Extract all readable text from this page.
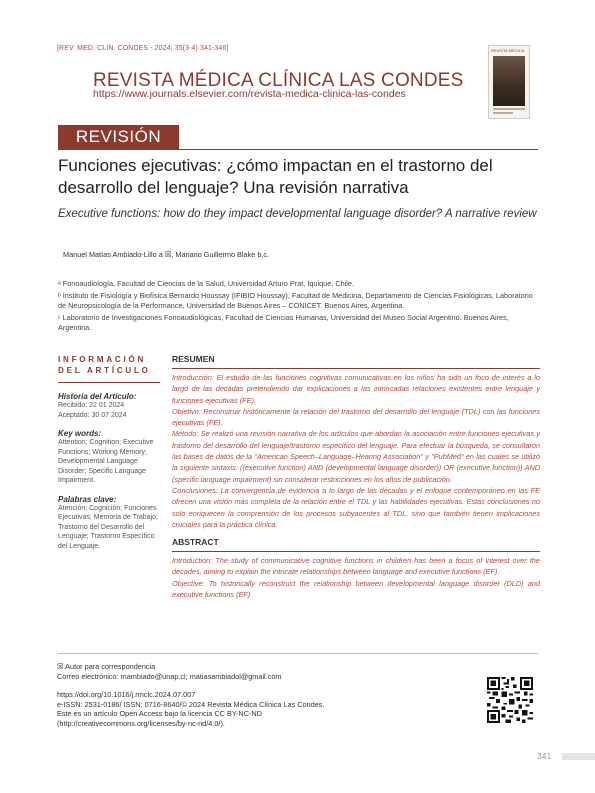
[REV. MED. CLIN. CONDES - 2024; 35(3-4) 341-346]
REVISTA MÉDICA CLÍNICA LAS CONDES
https://www.journals.elsevier.com/revista-medica-clinica-las-condes
REVISTA MÉDICA
REVISIÓN
Funciones ejecutivas: ¿cómo impactan en el trastorno del desarrollo del lenguaje? Una revisión narrativa
Executive functions: how do they impact developmental language disorder? A narrative review
Manuel Matías Ambiado-Lillo a ☒, Mariano Guillermo Blake b,c.
ᵃ Fonoaudiología, Facultad de Ciencias de la Salud, Universidad Arturo Prat, Iquique, Chile.
ᵇ Instituto de Fisiología y Biofísica Bernardo Houssay (IFIBIO Houssay), Facultad de Medicina, Departamento de Ciencias Fisiológicas, Laboratorio de Neuropsicología de la Performance, Universidad de Buenos Aires – CONICET. Buenos Aires, Argentina.
ᶜ Laboratorio de Investigaciones Fonoaudiológicas, Facultad de Ciencias Humanas, Universidad del Museo Social Argentino. Buenos Aires, Argentina.
INFORMACIÓN DEL ARTÍCULO
Historia del Artículo:
Recibido: 22 01 2024
Aceptado: 30 07 2024
Key words:
Attention; Cognition; Executive Functions; Working Memory; Developmental Language Disorder; Specific Language Impairment.
Palabras clave:
Atención; Cognición; Funciones Ejecutivas; Memoria de Trabajo; Trastorno del Desarrollo del Lenguaje; Trastorno Específico del Lenguaje.
RESUMEN
Introducción: El estudio de las funciones cognitivas comunicativas en los niños ha sido un foco de interés a lo largo de las décadas pretendiendo dar explicaciones a las intrincadas relaciones existentes entre lenguaje y funciones ejecutivas (FE).
Objetivo: Reconstruir históricamente la relación del trastorno del desarrollo del lenguaje (TDL) con las funciones ejecutivas (FE).
Método: Se realizó una revisión narrativa de los artículos que abordan la asociación entre funciones ejecutivas y trastorno del desarrollo del lenguaje/trastorno específico del lenguaje. Para efectuar la búsqueda, se consultaron las bases de datos de la "American Speech–Language–Hearing Association" y "PubMed" en las cuales se utilizó la siguiente sintaxis: ((executive function) AND (developmental language disorder)) OR (executive function)) AND (specific language impairment) sin considerar restricciones en los años de publicación.
Conclusiones: La convergencia de evidencia a lo largo de las décadas y el enfoque contemporáneo en las FE ofrecen una visión más completa de la relación entre el TDL y las habilidades ejecutivas. Estas conclusiones no solo enriquecen la comprensión de los procesos subyacentes al TDL, sino que también tienen implicaciones cruciales para la práctica clínica.
ABSTRACT
Introduction: The study of communicative cognitive functions in children has been a focus of interest over the decades, aiming to explain the intricate relationships between language and executive functions (EF).
Objective: To historically reconstruct the relationship between developmental language disorder (DLD) and executive functions (EF).
☒ Autor para correspondencia
Correo electrónico: mambiado@unap.cl; matiasambiadol@gmail.com
https://doi.org/10.1016/j.rmclc.2024.07.007
e-ISSN: 2531-0186/ ISSN: 0716-8640/© 2024 Revista Médica Clínica Las Condes.
Este es un artículo Open Access bajo la licencia CC BY-NC-ND
(http://creativecommons.org/licenses/by-nc-nd/4.0/).
341
